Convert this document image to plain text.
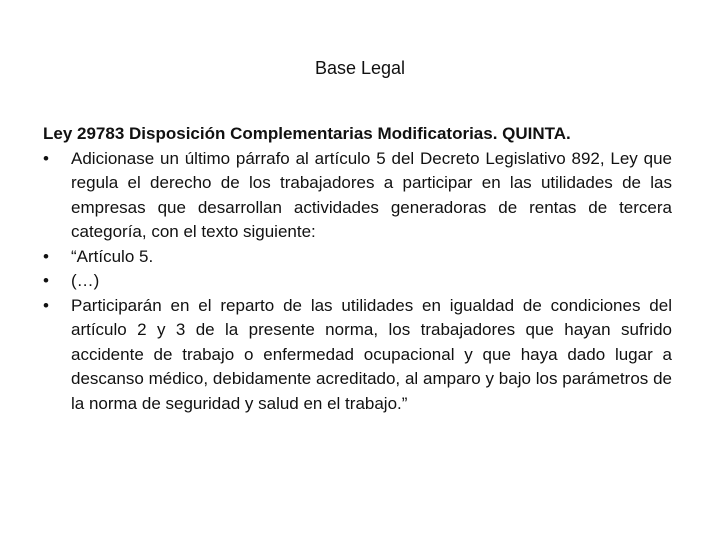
Base Legal

Ley 29783 Disposición Complementarias Modificatorias. QUINTA.

•	Adicionase un último párrafo al artículo 5 del Decreto Legislativo 892, Ley que regula el derecho de los trabajadores a participar en las utilidades de las empresas que desarrollan actividades generadoras de rentas de tercera categoría, con el texto siguiente:
•	“Artículo 5.
•	(…)
•	Participarán en el reparto de las utilidades en igualdad de condiciones del artículo 2 y 3 de la presente norma, los trabajadores que hayan sufrido accidente de trabajo o enfermedad ocupacional y que haya dado lugar a descanso médico, debidamente acreditado, al amparo y bajo los parámetros de la norma de seguridad y salud en el trabajo.”
